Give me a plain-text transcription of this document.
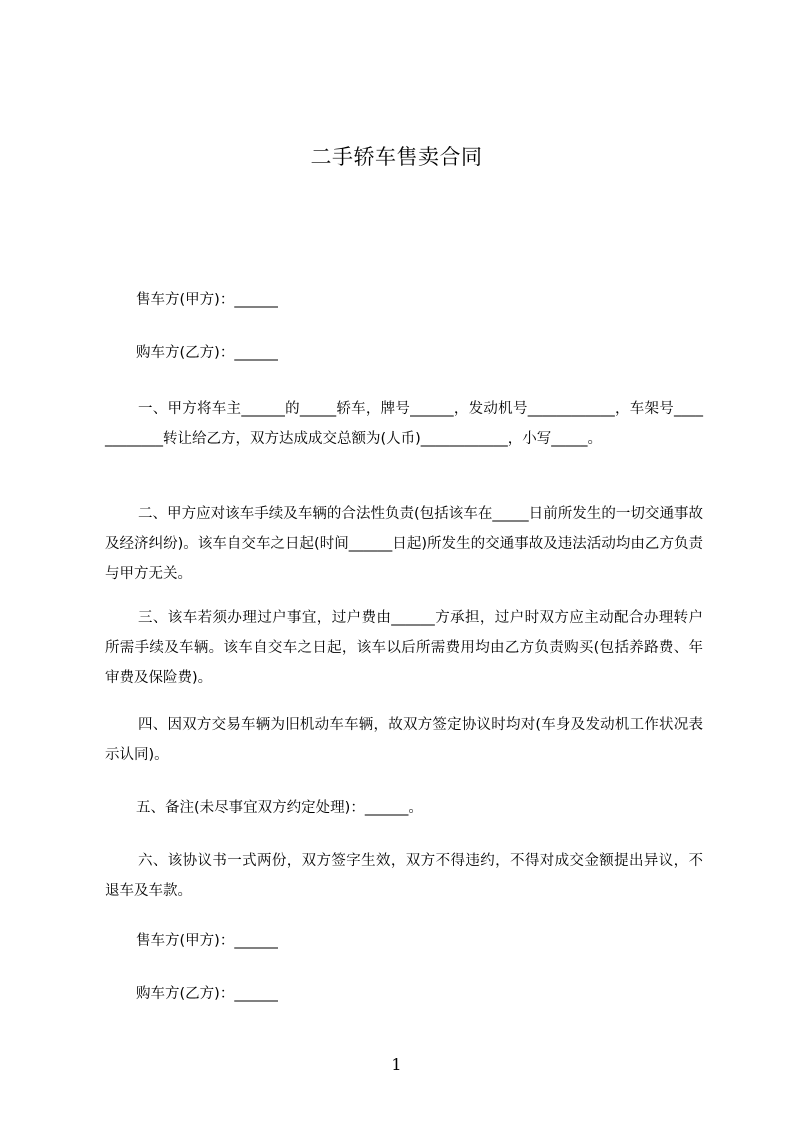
二手轿车售卖合同
售车方(甲方)：______
购车方(乙方)：______
一、甲方将车主______的_____轿车，牌号______，发动机号____________，车架号____________转让给乙方，双方达成成交总额为(人币)____________，小写_____。
二、甲方应对该车手续及车辆的合法性负责(包括该车在_____日前所发生的一切交通事故及经济纠纷)。该车自交车之日起(时间______日起)所发生的交通事故及违法活动均由乙方负责与甲方无关。
三、该车若须办理过户事宜，过户费由______方承担，过户时双方应主动配合办理转户所需手续及车辆。该车自交车之日起，该车以后所需费用均由乙方负责购买(包括养路费、年审费及保险费)。
四、因双方交易车辆为旧机动车车辆，故双方签定协议时均对(车身及发动机工作状况表示认同)。
五、备注(未尽事宜双方约定处理)：______。
六、该协议书一式两份，双方签字生效，双方不得违约，不得对成交金额提出异议，不退车及车款。
售车方(甲方)：______
购车方(乙方)：______
1
